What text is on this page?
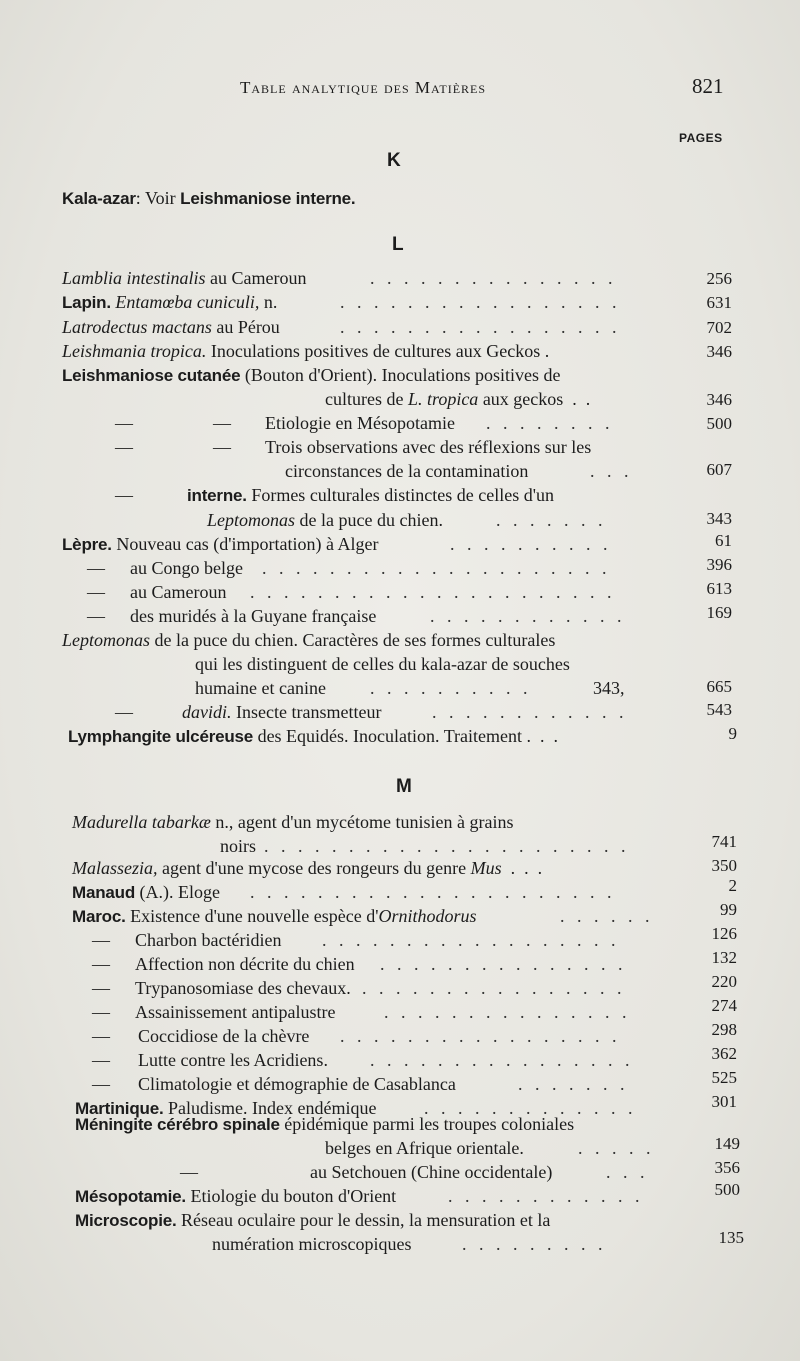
Table analytique des Matières	821
PAGES
K
Kala-azar: Voir Leishmaniose interne.
L
Lamblia intestinalis au Cameroun	. . . . . . . . . . . . . . .	256
Lapin. Entamœba cuniculi, n.	. . . . . . . . . . . . . . . . .	631
Latrodectus mactans au Pérou	. . . . . . . . . . . . . . . . .	702
Leishmania tropica. Inoculations positives de cultures aux Geckos .	346
Leishmaniose cutanée (Bouton d'Orient). Inoculations positives de
cultures de L. tropica aux geckos  .  .	346
—	— Etiologie en Mésopotamie . . . . . . . .	500
—	— Trois observations avec des réflexions sur les
circonstances de la contamination	. . .	607
—	interne. Formes culturales distinctes de celles d'un
Leptomonas de la puce du chien.	. . . . . . .	343
Lèpre. Nouveau cas (d'importation) à Alger	. . . . . . . . . .	61
— au Congo belge . . . . . . . . . . . . . . . . . . . . .	396
— au Cameroun . . . . . . . . . . . . . . . . . . . . . .	613
— des muridés à la Guyane française	. . . . . . . . . . . .	169
Leptomonas de la puce du chien. Caractères de ses formes culturales
qui les distinguent de celles du kala-azar de souches
humaine et canine . . . . . . . . . .	343,	665
—	davidi. Insecte transmetteur	. . . . . . . . . . . .	543
Lymphangite ulcéreuse des Equidés. Inoculation. Traitement .  .  .	9
M
Madurella tabarkæ n., agent d'un mycétome tunisien à grains
noirs . . . . . . . . . . . . . . . . . . . . . .	741
Malassezia, agent d'une mycose des rongeurs du genre Mus  .  .  .	350
Manaud (A.). Eloge . . . . . . . . . . . . . . . . . . . . . .	2
Maroc. Existence d'une nouvelle espèce d'Ornithodorus	. . . . . .	99
— Charbon bactéridien . . . . . . . . . . . . . . . . . .	126
— Affection non décrite du chien . . . . . . . . . . . . . . .	132
— Trypanosomiase des chevaux. . . . . . . . . . . . . . . . .	220
— Assainissement antipalustre	. . . . . . . . . . . . . . .	274
— Coccidiose de la chèvre . . . . . . . . . . . . . . . . .	298
— Lutte contre les Acridiens. . . . . . . . . . . . . . . . .	362
— Climatologie et démographie de Casablanca	. . . . . . .	525
Martinique. Paludisme. Index endémique	. . . . . . . . . . . . .	301
Méningite cérébro spinale épidémique parmi les troupes coloniales
belges en Afrique orientale.	. . . . .	149
—	au Setchouen (Chine occidentale)	. . .	356
Mésopotamie. Etiologie du bouton d'Orient	. . . . . . . . . . . .	500
Microscopie. Réseau oculaire pour le dessin, la mensuration et la
numération microscopiques	. . . . . . . . .	135
